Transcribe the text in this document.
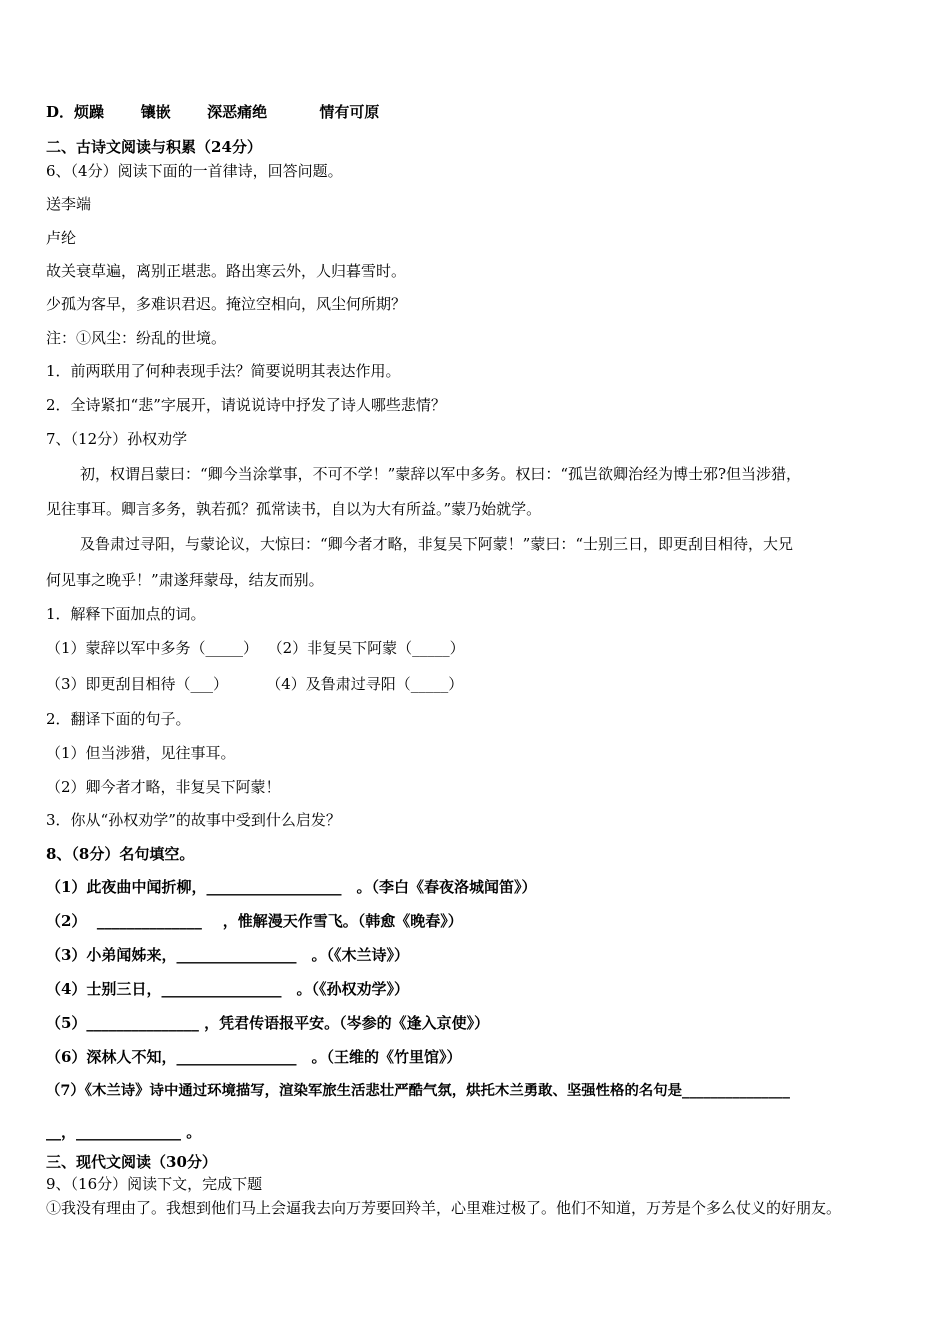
D．烦躁       镶嵌       深恶痛绝          情有可原
二、古诗文阅读与积累（24分）
6、（4分）阅读下面的一首律诗，回答问题。
送李端
卢纶
故关衰草遍，离别正堪悲。路出寒云外，人归暮雪时。
少孤为客早，多难识君迟。掩泣空相向，风尘何所期？
注：①风尘：纷乱的世境。
1．前两联用了何种表现手法？简要说明其表达作用。
2．全诗紧扣“悲”字展开，请说说诗中抒发了诗人哪些悲情？
7、（12分）孙权劝学
初，权谓吕蒙曰：“卿今当涂掌事，不可不学！”蒙辞以军中多务。权曰：“孤岂欲卿治经为博士邪?但当涉猎，
见往事耳。卿言多务，孰若孤？孤常读书，自以为大有所益。”蒙乃始就学。
及鲁肃过寻阳，与蒙论议，大惊曰：“卿今者才略，非复吴下阿蒙！”蒙曰：“士别三日，即更刮目相待，大兄
何见事之晚乎！”肃遂拜蒙母，结友而别。
1．解释下面加点的词。
（1）蒙辞以军中多务（_____）  （2）非复吴下阿蒙（_____）
（3）即更刮目相待（___）        （4）及鲁肃过寻阳（_____）
2．翻译下面的句子。
（1）但当涉猎，见往事耳。
（2）卿今者才略，非复吴下阿蒙！
3．你从“孙权劝学”的故事中受到什么启发？
8、（8分）名句填空。
（1）此夜曲中闻折柳，__________________　。（李白《春夜洛城闻笛》）
（2）  ______________    ，惟解漫天作雪飞。（韩愈《晚春》）
（3）小弟闻姊来，________________　。（《木兰诗》）
（4）士别三日，________________　。（《孙权劝学》）
（5）_______________ ，凭君传语报平安。（岑参的《逢入京使》）
（6）深林人不知，________________　。（王维的《竹里馆》）
（7）《木兰诗》诗中通过环境描写，渲染军旅生活悲壮严酷气氛，烘托木兰勇敢、坚强性格的名句是_______________
__，______________ 。
三、现代文阅读（30分）
9、（16分）阅读下文，完成下题
①我没有理由了。我想到他们马上会逼我去向万芳要回羚羊，心里难过极了。他们不知道，万芳是个多么仗义的好朋友。
